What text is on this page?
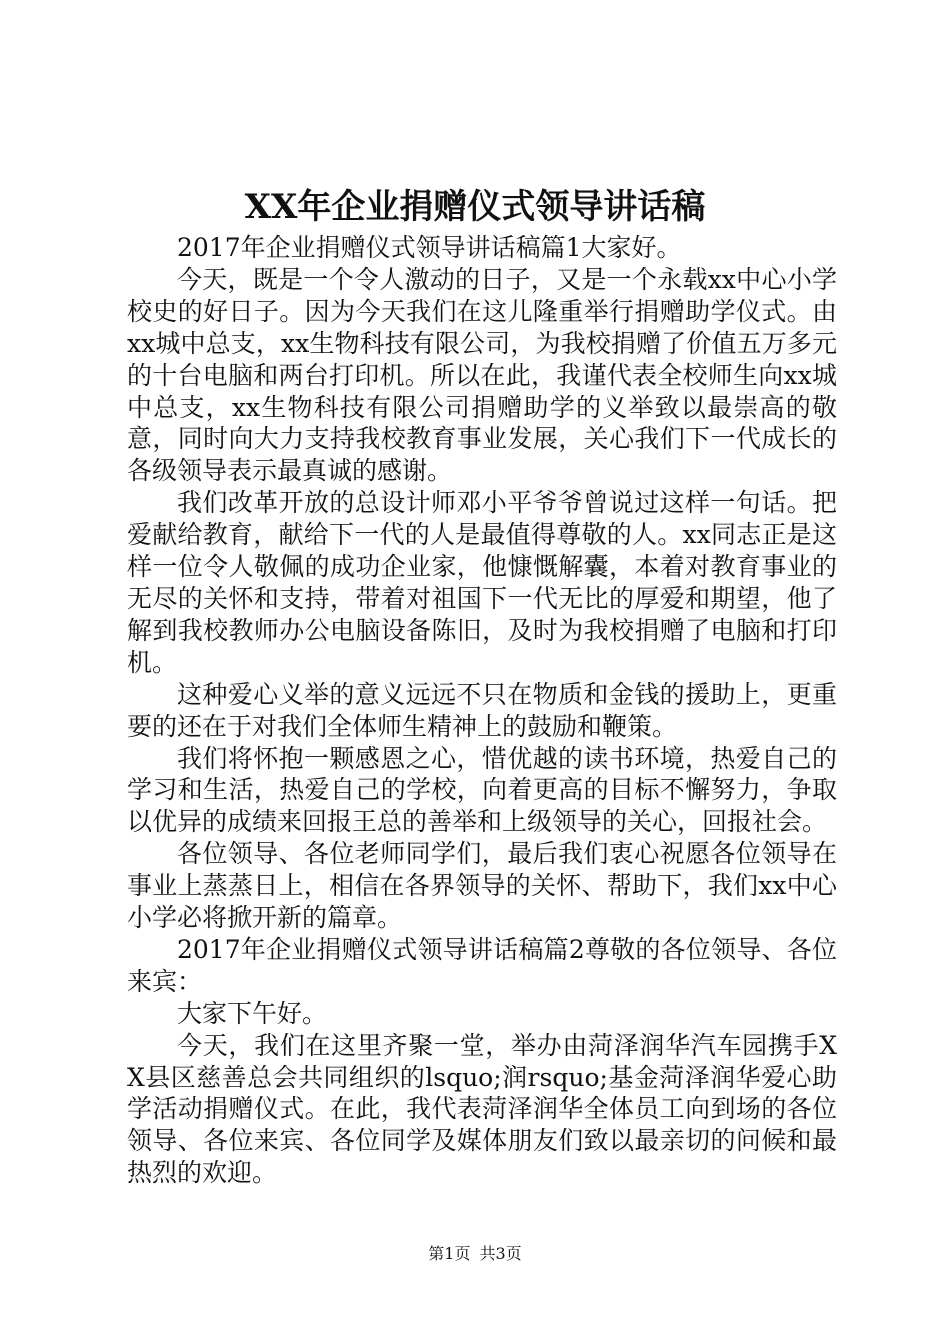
XX年企业捐赠仪式领导讲话稿

2017年企业捐赠仪式领导讲话稿篇1大家好。

今天，既是一个令人激动的日子，又是一个永载xx中心小学校史的好日子。因为今天我们在这儿隆重举行捐赠助学仪式。由xx城中总支，xx生物科技有限公司，为我校捐赠了价值五万多元的十台电脑和两台打印机。所以在此，我谨代表全校师生向xx城中总支，xx生物科技有限公司捐赠助学的义举致以最崇高的敬意，同时向大力支持我校教育事业发展，关心我们下一代成长的各级领导表示最真诚的感谢。

我们改革开放的总设计师邓小平爷爷曾说过这样一句话。把爱献给教育，献给下一代的人是最值得尊敬的人。xx同志正是这样一位令人敬佩的成功企业家，他慷慨解囊，本着对教育事业的无尽的关怀和支持，带着对祖国下一代无比的厚爱和期望，他了解到我校教师办公电脑设备陈旧，及时为我校捐赠了电脑和打印机。

这种爱心义举的意义远远不只在物质和金钱的援助上，更重要的还在于对我们全体师生精神上的鼓励和鞭策。

我们将怀抱一颗感恩之心，惜优越的读书环境，热爱自己的学习和生活，热爱自己的学校，向着更高的目标不懈努力，争取以优异的成绩来回报王总的善举和上级领导的关心，回报社会。

各位领导、各位老师同学们，最后我们衷心祝愿各位领导在事业上蒸蒸日上，相信在各界领导的关怀、帮助下，我们xx中心小学必将掀开新的篇章。

2017年企业捐赠仪式领导讲话稿篇2尊敬的各位领导、各位来宾：

大家下午好。

今天，我们在这里齐聚一堂，举办由菏泽润华汽车园携手XX县区慈善总会共同组织的lsquo;润rsquo;基金菏泽润华爱心助学活动捐赠仪式。在此，我代表菏泽润华全体员工向到场的各位领导、各位来宾、各位同学及媒体朋友们致以最亲切的问候和最热烈的欢迎。

第1页 共3页
